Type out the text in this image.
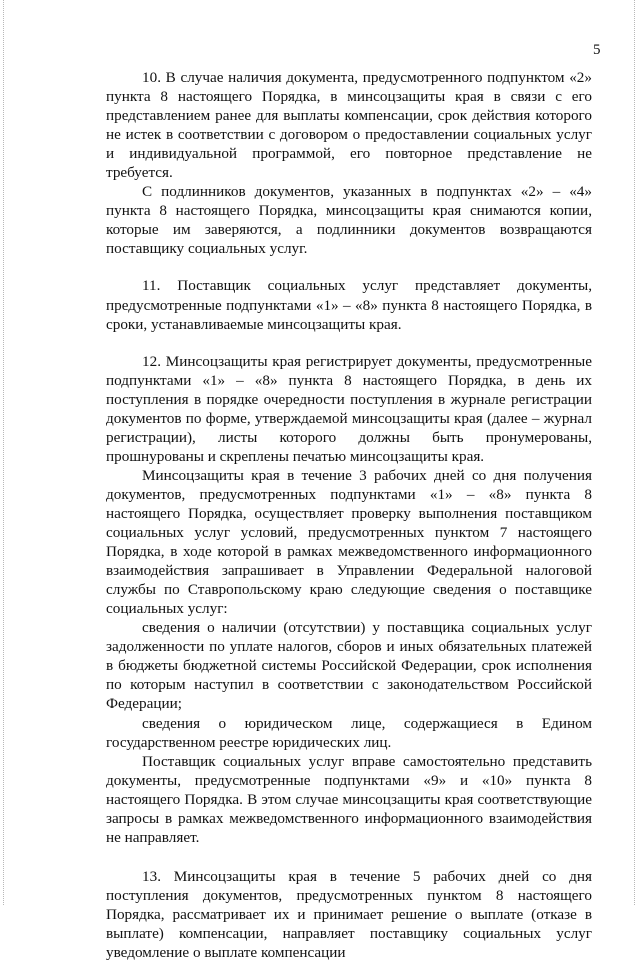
5

10. В случае наличия документа, предусмотренного подпунктом «2» пункта 8 настоящего Порядка, в минсоцзащиты края в связи с его представлением ранее для выплаты компенсации, срок действия которого не истек в соответствии с договором о предоставлении социальных услуг и индивидуальной программой, его повторное представление не требуется.

С подлинников документов, указанных в подпунктах «2» – «4» пункта 8 настоящего Порядка, минсоцзащиты края снимаются копии, которые им заверяются, а подлинники документов возвращаются поставщику социальных услуг.

11. Поставщик социальных услуг представляет документы, предусмотренные подпунктами «1» – «8» пункта 8 настоящего Порядка, в сроки, устанавливаемые минсоцзащиты края.

12. Минсоцзащиты края регистрирует документы, предусмотренные подпунктами «1» – «8» пункта 8 настоящего Порядка, в день их поступления в порядке очередности поступления в журнале регистрации документов по форме, утверждаемой минсоцзащиты края (далее – журнал регистрации), листы которого должны быть пронумерованы, прошнурованы и скреплены печатью минсоцзащиты края.

Минсоцзащиты края в течение 3 рабочих дней со дня получения документов, предусмотренных подпунктами «1» – «8» пункта 8 настоящего Порядка, осуществляет проверку выполнения поставщиком социальных услуг условий, предусмотренных пунктом 7 настоящего Порядка, в ходе которой в рамках межведомственного информационного взаимодействия запрашивает в Управлении Федеральной налоговой службы по Ставропольскому краю следующие сведения о поставщике социальных услуг:

сведения о наличии (отсутствии) у поставщика социальных услуг задолженности по уплате налогов, сборов и иных обязательных платежей в бюджеты бюджетной системы Российской Федерации, срок исполнения по которым наступил в соответствии с законодательством Российской Федерации;

сведения о юридическом лице, содержащиеся в Едином государственном реестре юридических лиц.

Поставщик социальных услуг вправе самостоятельно представить документы, предусмотренные подпунктами «9» и «10» пункта 8 настоящего Порядка. В этом случае минсоцзащиты края соответствующие запросы в рамках межведомственного информационного взаимодействия не направляет.

13. Минсоцзащиты края в течение 5 рабочих дней со дня поступления документов, предусмотренных пунктом 8 настоящего Порядка, рассматривает их и принимает решение о выплате (отказе в выплате) компенсации, направляет поставщику социальных услуг уведомление о выплате компенсации
